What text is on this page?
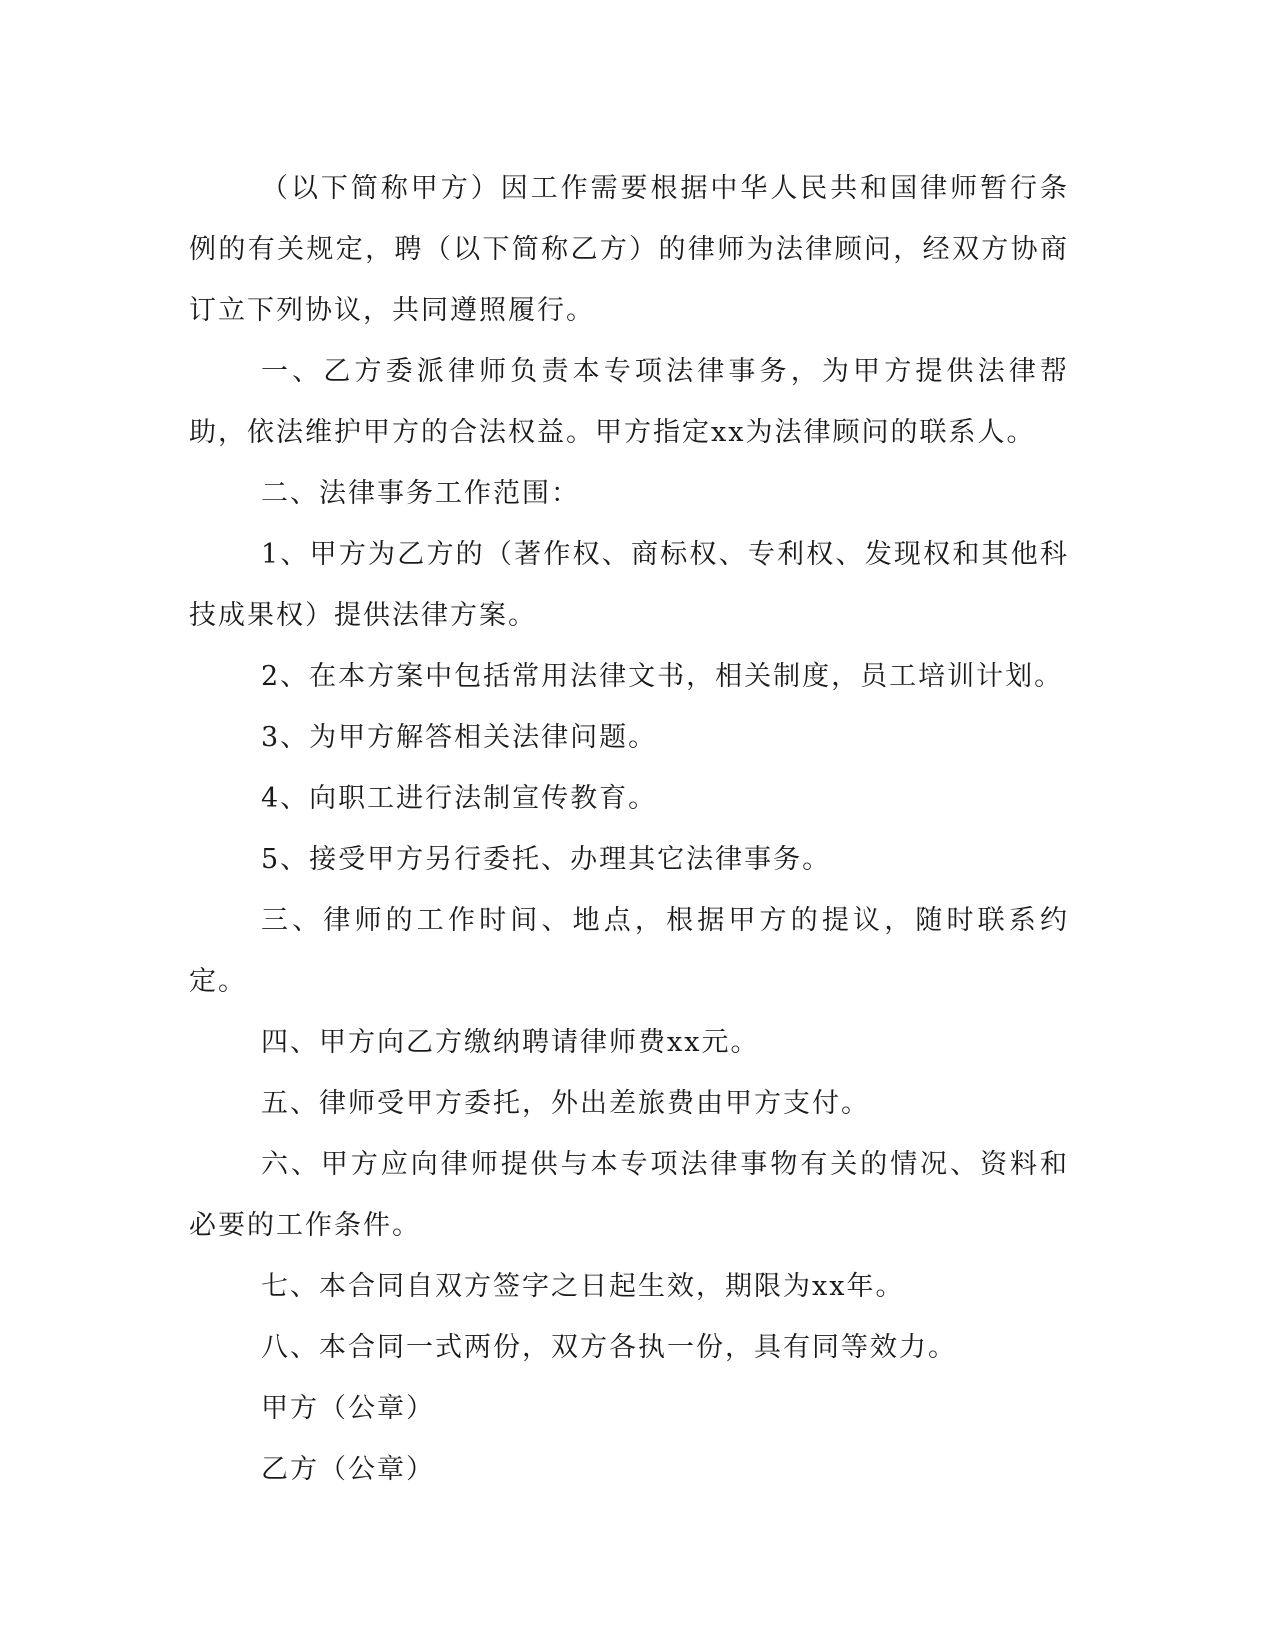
（以下简称甲方）因工作需要根据中华人民共和国律师暂行条例的有关规定，聘（以下简称乙方）的律师为法律顾问，经双方协商订立下列协议，共同遵照履行。

一、乙方委派律师负责本专项法律事务，为甲方提供法律帮助，依法维护甲方的合法权益。甲方指定xx为法律顾问的联系人。

二、法律事务工作范围：

1、甲方为乙方的（著作权、商标权、专利权、发现权和其他科技成果权）提供法律方案。

2、在本方案中包括常用法律文书，相关制度，员工培训计划。

3、为甲方解答相关法律问题。

4、向职工进行法制宣传教育。

5、接受甲方另行委托、办理其它法律事务。

三、律师的工作时间、地点，根据甲方的提议，随时联系约定。

四、甲方向乙方缴纳聘请律师费xx元。

五、律师受甲方委托，外出差旅费由甲方支付。

六、甲方应向律师提供与本专项法律事物有关的情况、资料和必要的工作条件。

七、本合同自双方签字之日起生效，期限为xx年。

八、本合同一式两份，双方各执一份，具有同等效力。

甲方（公章）

乙方（公章）
